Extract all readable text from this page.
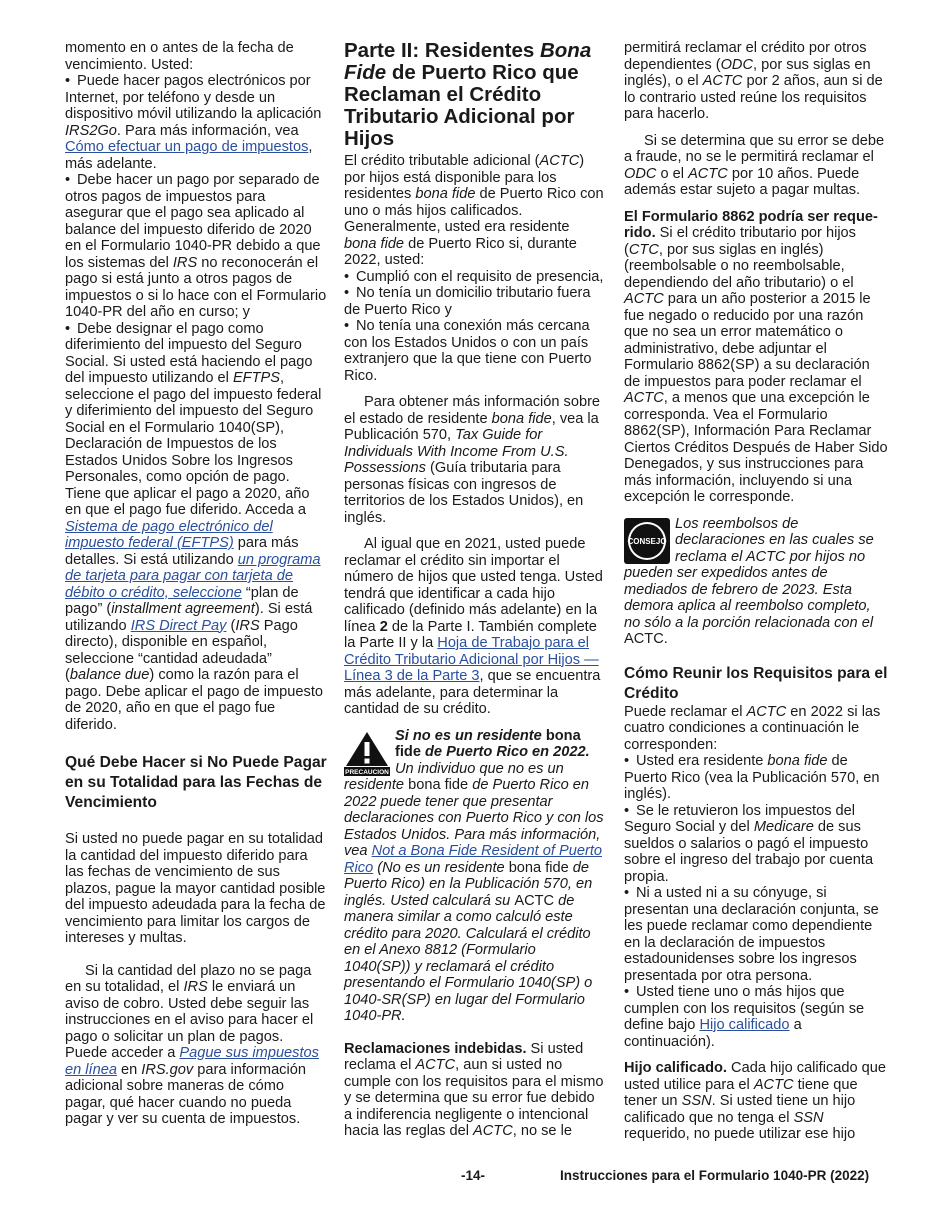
momento en o antes de la fecha de vencimiento. Usted:

• Puede hacer pagos electrónicos por Internet, por teléfono y desde un dispositivo móvil utilizando la aplicación IRS2Go. Para más información, vea Cómo efectuar un pago de impuestos, más adelante.

• Debe hacer un pago por separado de otros pagos de impuestos para asegurar que el pago sea aplicado al balance del impuesto diferido de 2020 en el Formulario 1040-PR debido a que los sistemas del IRS no reconocerán el pago si está junto a otros pagos de impuestos o si lo hace con el Formulario 1040-PR del año en curso; y

• Debe designar el pago como diferimiento del impuesto del Seguro Social. Si usted está haciendo el pago del impuesto utilizando el EFTPS, seleccione el pago del impuesto federal y diferimiento del impuesto del Seguro Social en el Formulario 1040(SP), Declaración de Impuestos de los Estados Unidos Sobre los Ingresos Personales, como opción de pago. Tiene que aplicar el pago a 2020, año en que el pago fue diferido. Acceda a Sistema de pago electrónico del impuesto federal (EFTPS) para más detalles. Si está utilizando un programa de tarjeta para pagar con tarjeta de débito o crédito, seleccione “plan de pago” (installment agreement). Si está utilizando IRS Direct Pay (IRS Pago directo), disponible en español, seleccione “cantidad adeudada” (balance due) como la razón para el pago. Debe aplicar el pago de impuesto de 2020, año en que el pago fue diferido.

Qué Debe Hacer si No Puede Pagar en su Totalidad para las Fechas de Vencimiento

Si usted no puede pagar en su totalidad la cantidad del impuesto diferido para las fechas de vencimiento de sus plazos, pague la mayor cantidad posible del impuesto adeudada para la fecha de vencimiento para limitar los cargos de intereses y multas.

Si la cantidad del plazo no se paga en su totalidad, el IRS le enviará un aviso de cobro. Usted debe seguir las instrucciones en el aviso para hacer el pago o solicitar un plan de pagos. Puede acceder a Pague sus impuestos en línea en IRS.gov para información adicional sobre maneras de cómo pagar, qué hacer cuando no pueda pagar y ver su cuenta de impuestos.

Parte II: Residentes Bona Fide de Puerto Rico que Reclaman el Crédito Tributario Adicional por Hijos

El crédito tributable adicional (ACTC) por hijos está disponible para los residentes bona fide de Puerto Rico con uno o más hijos calificados. Generalmente, usted era residente bona fide de Puerto Rico si, durante 2022, usted:

• Cumplió con el requisito de presencia,

• No tenía un domicilio tributario fuera de Puerto Rico y

• No tenía una conexión más cercana con los Estados Unidos o con un país extranjero que la que tiene con Puerto Rico.

Para obtener más información sobre el estado de residente bona fide, vea la Publicación 570, Tax Guide for Individuals With Income From U.S. Possessions (Guía tributaria para personas físicas con ingresos de territorios de los Estados Unidos), en inglés.

Al igual que en 2021, usted puede reclamar el crédito sin importar el número de hijos que usted tenga. Usted tendrá que identificar a cada hijo calificado (definido más adelante) en la línea 2 de la Parte I. También complete la Parte II y la Hoja de Trabajo para el Crédito Tributario Adicional por Hijos —Línea 3 de la Parte 3, que se encuentra más adelante, para determinar la cantidad de su crédito.

PRECAUCION

Si no es un residente bona fide de Puerto Rico en 2022. Un individuo que no es un residente bona fide de Puerto Rico en 2022 puede tener que presentar declaraciones con Puerto Rico y con los Estados Unidos. Para más información, vea Not a Bona Fide Resident of Puerto Rico (No es un residente bona fide de Puerto Rico) en la Publicación 570, en inglés. Usted calculará su ACTC de manera similar a como calculó este crédito para 2020. Calculará el crédito en el Anexo 8812 (Formulario 1040(SP)) y reclamará el crédito presentando el Formulario 1040(SP) o 1040-SR(SP) en lugar del Formulario 1040-PR.

Reclamaciones indebidas. Si usted reclama el ACTC, aun si usted no cumple con los requisitos para el mismo y se determina que su error fue debido a indiferencia negligente o intencional hacia las reglas del ACTC, no se le

permitirá reclamar el crédito por otros dependientes (ODC, por sus siglas en inglés), o el ACTC por 2 años, aun si de lo contrario usted reúne los requisitos para hacerlo.

Si se determina que su error se debe a fraude, no se le permitirá reclamar el ODC o el ACTC por 10 años. Puede además estar sujeto a pagar multas.

El Formulario 8862 podría ser reque-rido. Si el crédito tributario por hijos (CTC, por sus siglas en inglés) (reembolsable o no reembolsable, dependiendo del año tributario) o el ACTC para un año posterior a 2015 le fue negado o reducido por una razón que no sea un error matemático o administrativo, debe adjuntar el Formulario 8862(SP) a su declaración de impuestos para poder reclamar el ACTC, a menos que una excepción le corresponda. Vea el Formulario 8862(SP), Información Para Reclamar Ciertos Créditos Después de Haber Sido Denegados, y sus instrucciones para más información, incluyendo si una excepción le corresponde.

CONSEJO

Los reembolsos de declaraciones en las cuales se reclama el ACTC por hijos no pueden ser expedidos antes de mediados de febrero de 2023. Esta demora aplica al reembolso completo, no sólo a la porción relacionada con el ACTC.

Cómo Reunir los Requisitos para el Crédito

Puede reclamar el ACTC en 2022 si las cuatro condiciones a continuación le corresponden:

• Usted era residente bona fide de Puerto Rico (vea la Publicación 570, en inglés).

• Se le retuvieron los impuestos del Seguro Social y del Medicare de sus sueldos o salarios o pagó el impuesto sobre el ingreso del trabajo por cuenta propia.

• Ni a usted ni a su cónyuge, si presentan una declaración conjunta, se les puede reclamar como dependiente en la declaración de impuestos estadounidenses sobre los ingresos presentada por otra persona.

• Usted tiene uno o más hijos que cumplen con los requisitos (según se define bajo Hijo calificado a continuación).

Hijo calificado. Cada hijo calificado que usted utilice para el ACTC tiene que tener un SSN. Si usted tiene un hijo calificado que no tenga el SSN requerido, no puede utilizar ese hijo

-14-	Instrucciones para el Formulario 1040-PR (2022)
